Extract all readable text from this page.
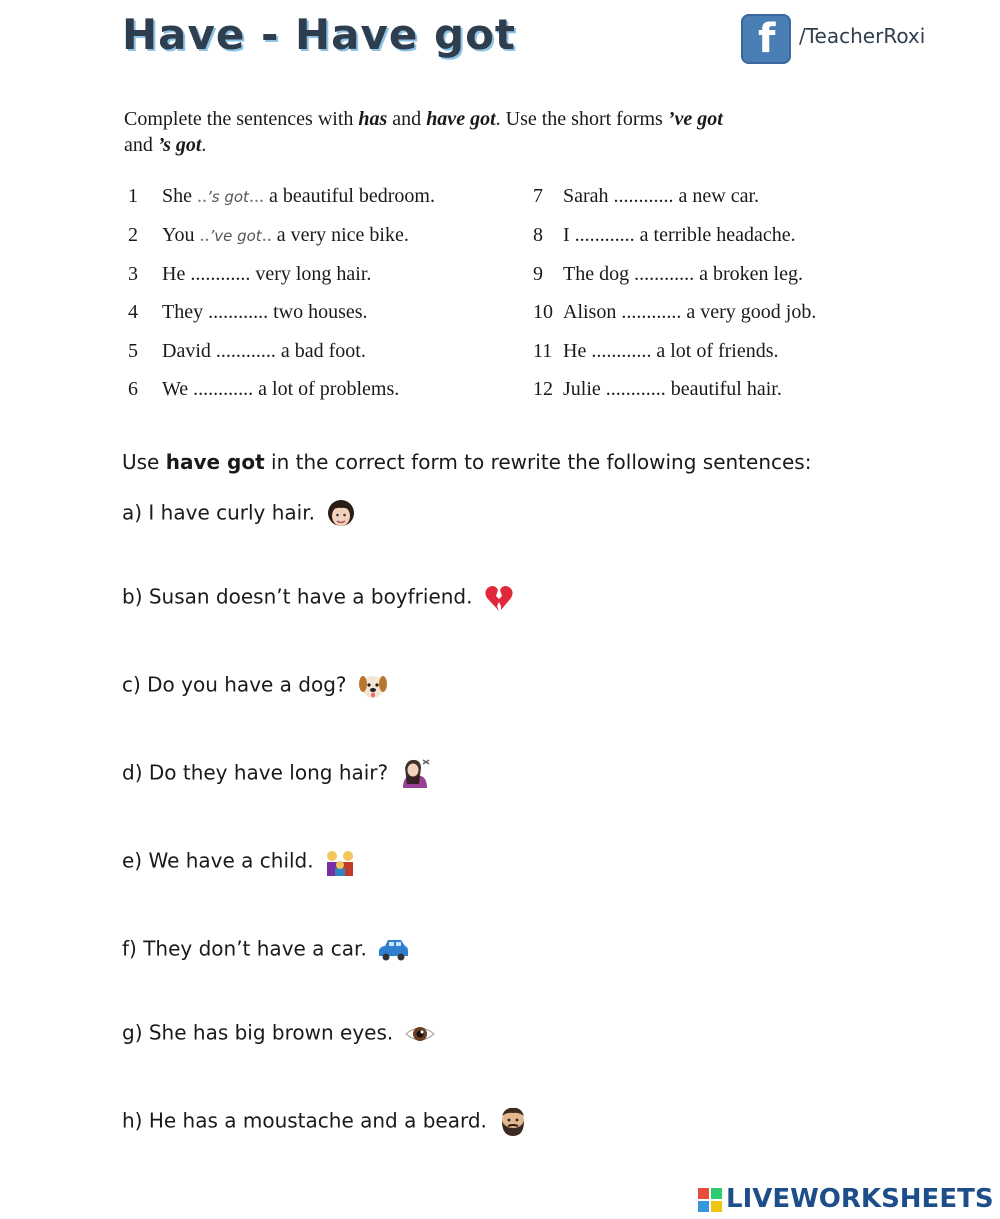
Have - Have got	f /TeacherRoxi
Complete the sentences with has and have got. Use the short forms ’ve got
and ’s got.
1 She ..’s got... a beautiful bedroom.
2 You ..’ve got.. a very nice bike.
3 He ............ very long hair.
4 They ............ two houses.
5 David ............ a bad foot.
6 We ............ a lot of problems.
7 Sarah ............ a new car.
8 I ............ a terrible headache.
9 The dog ............ a broken leg.
10 Alison ............ a very good job.
11 He ............ a lot of friends.
12 Julie ............ beautiful hair.
Use have got in the correct form to rewrite the following sentences:
a) I have curly hair.
b) Susan doesn’t have a boyfriend.
c) Do you have a dog?
d) Do they have long hair?
e) We have a child.
f) They don’t have a car.
g) She has big brown eyes.
h) He has a moustache and a beard.
LIVEWORKSHEETS
